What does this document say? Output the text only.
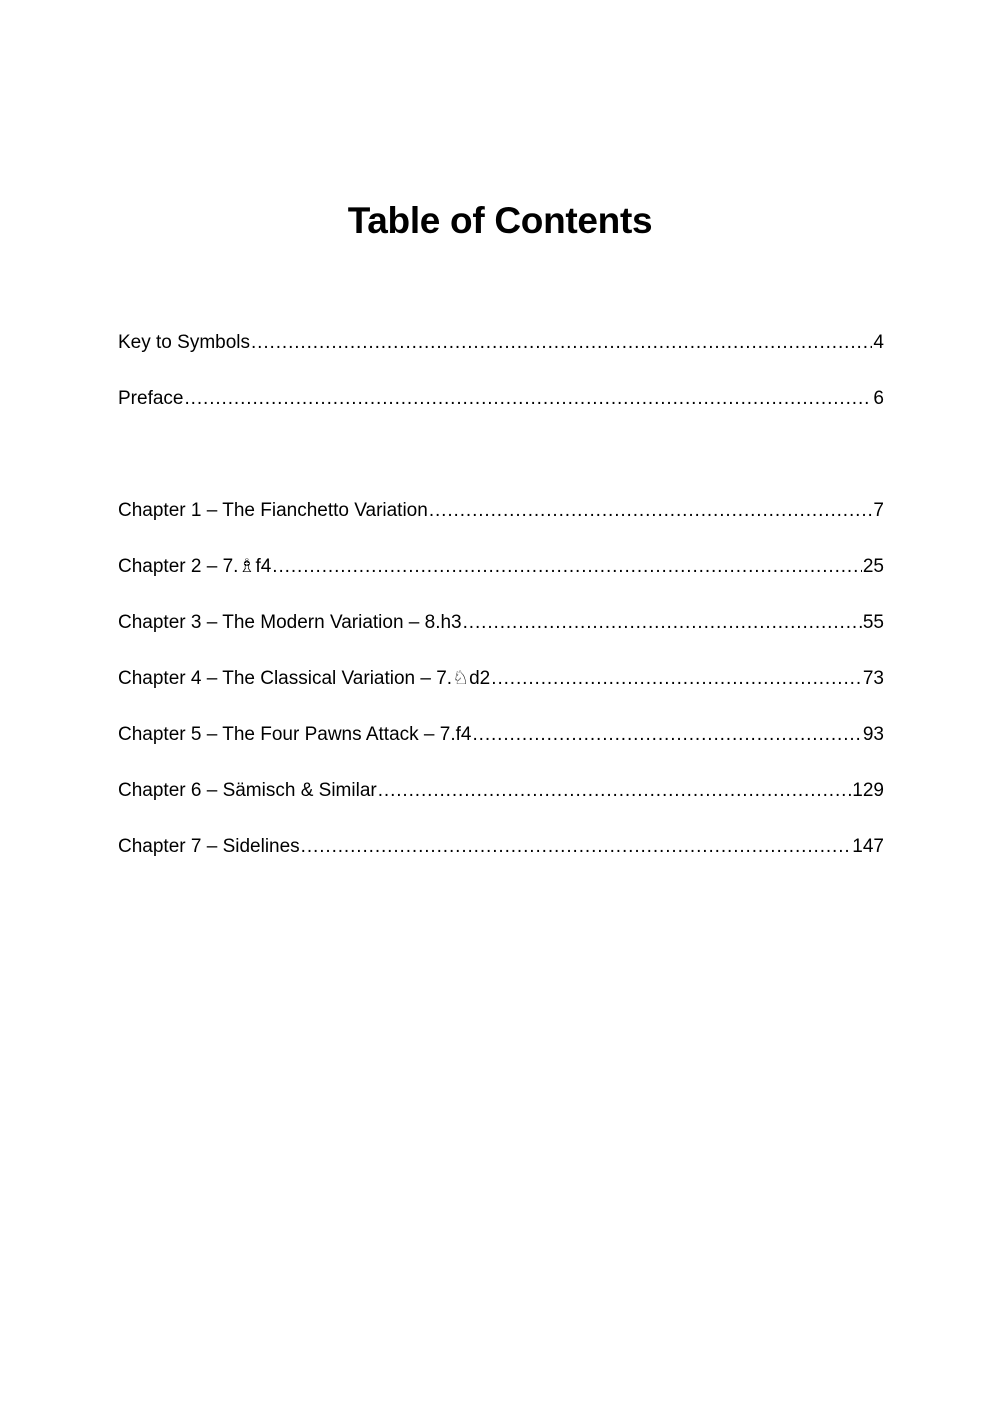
Table of Contents
Key to Symbols .....	4
Preface .....	6
Chapter 1 – The Fianchetto Variation .....	7
Chapter 2 – 7.♗f4 .....	25
Chapter 3 – The Modern Variation – 8.h3 .....	55
Chapter 4 – The Classical Variation – 7.♘d2 .....	73
Chapter 5 – The Four Pawns Attack – 7.f4 .....	93
Chapter 6 – Sämisch & Similar .....	129
Chapter 7 – Sidelines .....	147
